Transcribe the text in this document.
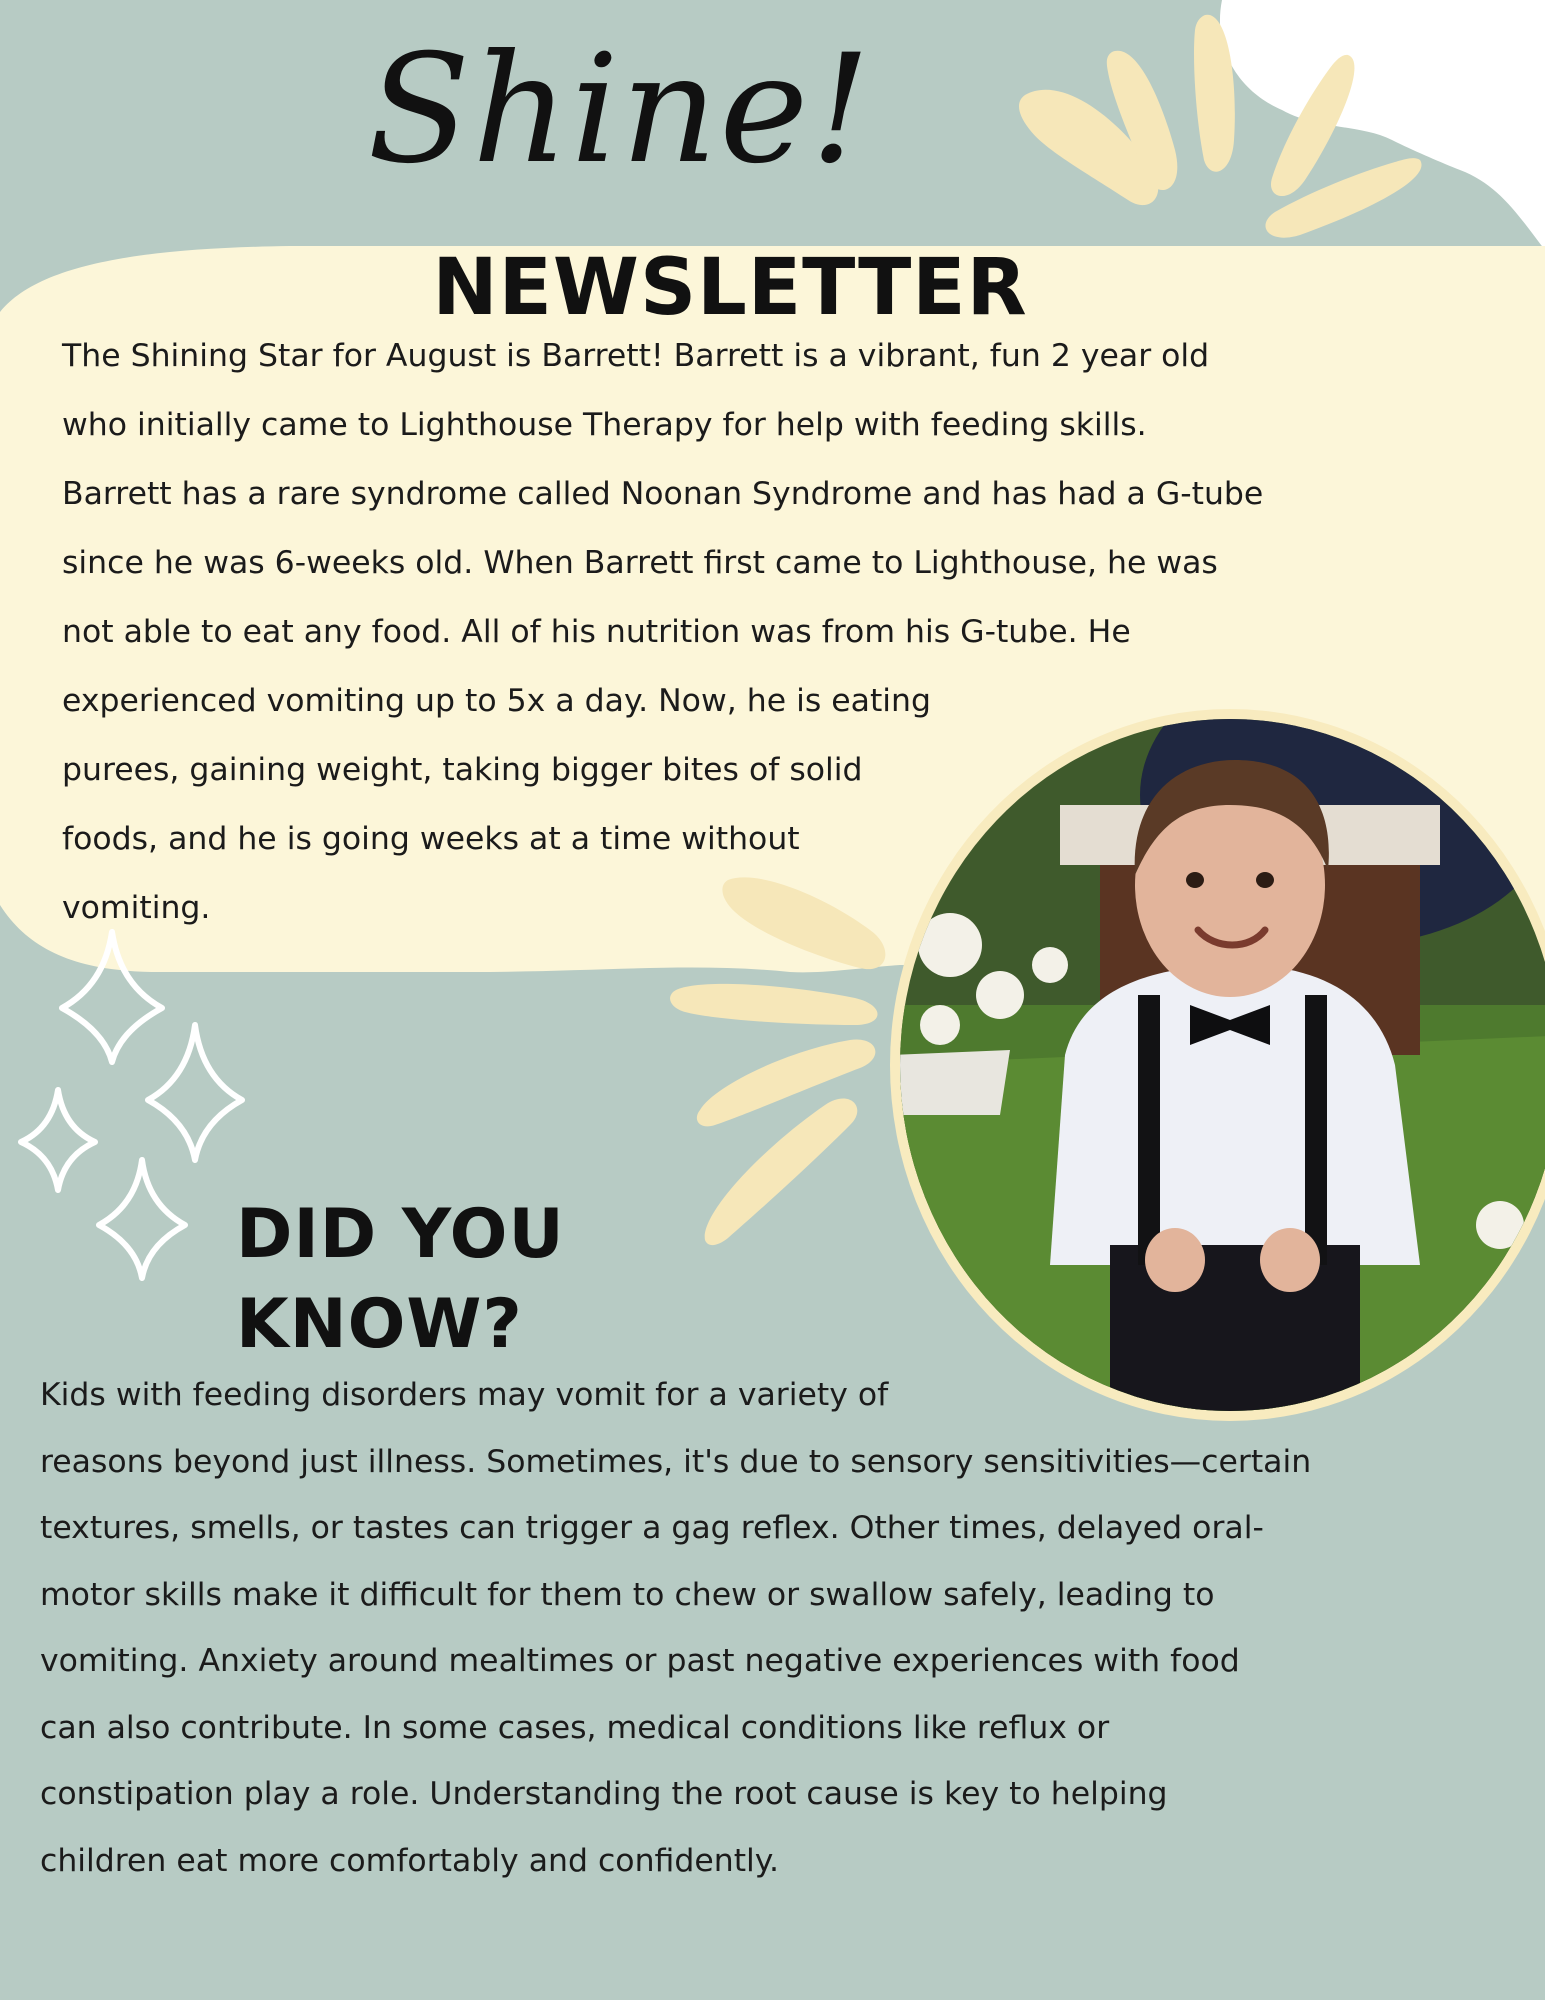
Shine!
NEWSLETTER
The Shining Star for August is Barrett! Barrett is a vibrant, fun 2 year old
who initially came to Lighthouse Therapy for help with feeding skills.
Barrett has a rare syndrome called Noonan Syndrome and has had a G-tube
since he was 6-weeks old. When Barrett first came to Lighthouse, he was
not able to eat any food. All of his nutrition was from his G-tube. He
experienced vomiting up to 5x a day. Now, he is eating
purees, gaining weight, taking bigger bites of solid
foods, and he is going weeks at a time without
vomiting.
DID YOU KNOW?
Kids with feeding disorders may vomit for a variety of
reasons beyond just illness. Sometimes, it's due to sensory sensitivities—certain
textures, smells, or tastes can trigger a gag reflex. Other times, delayed oral-
motor skills make it difficult for them to chew or swallow safely, leading to
vomiting. Anxiety around mealtimes or past negative experiences with food
can also contribute. In some cases, medical conditions like reflux or
constipation play a role. Understanding the root cause is key to helping
children eat more comfortably and confidently.
